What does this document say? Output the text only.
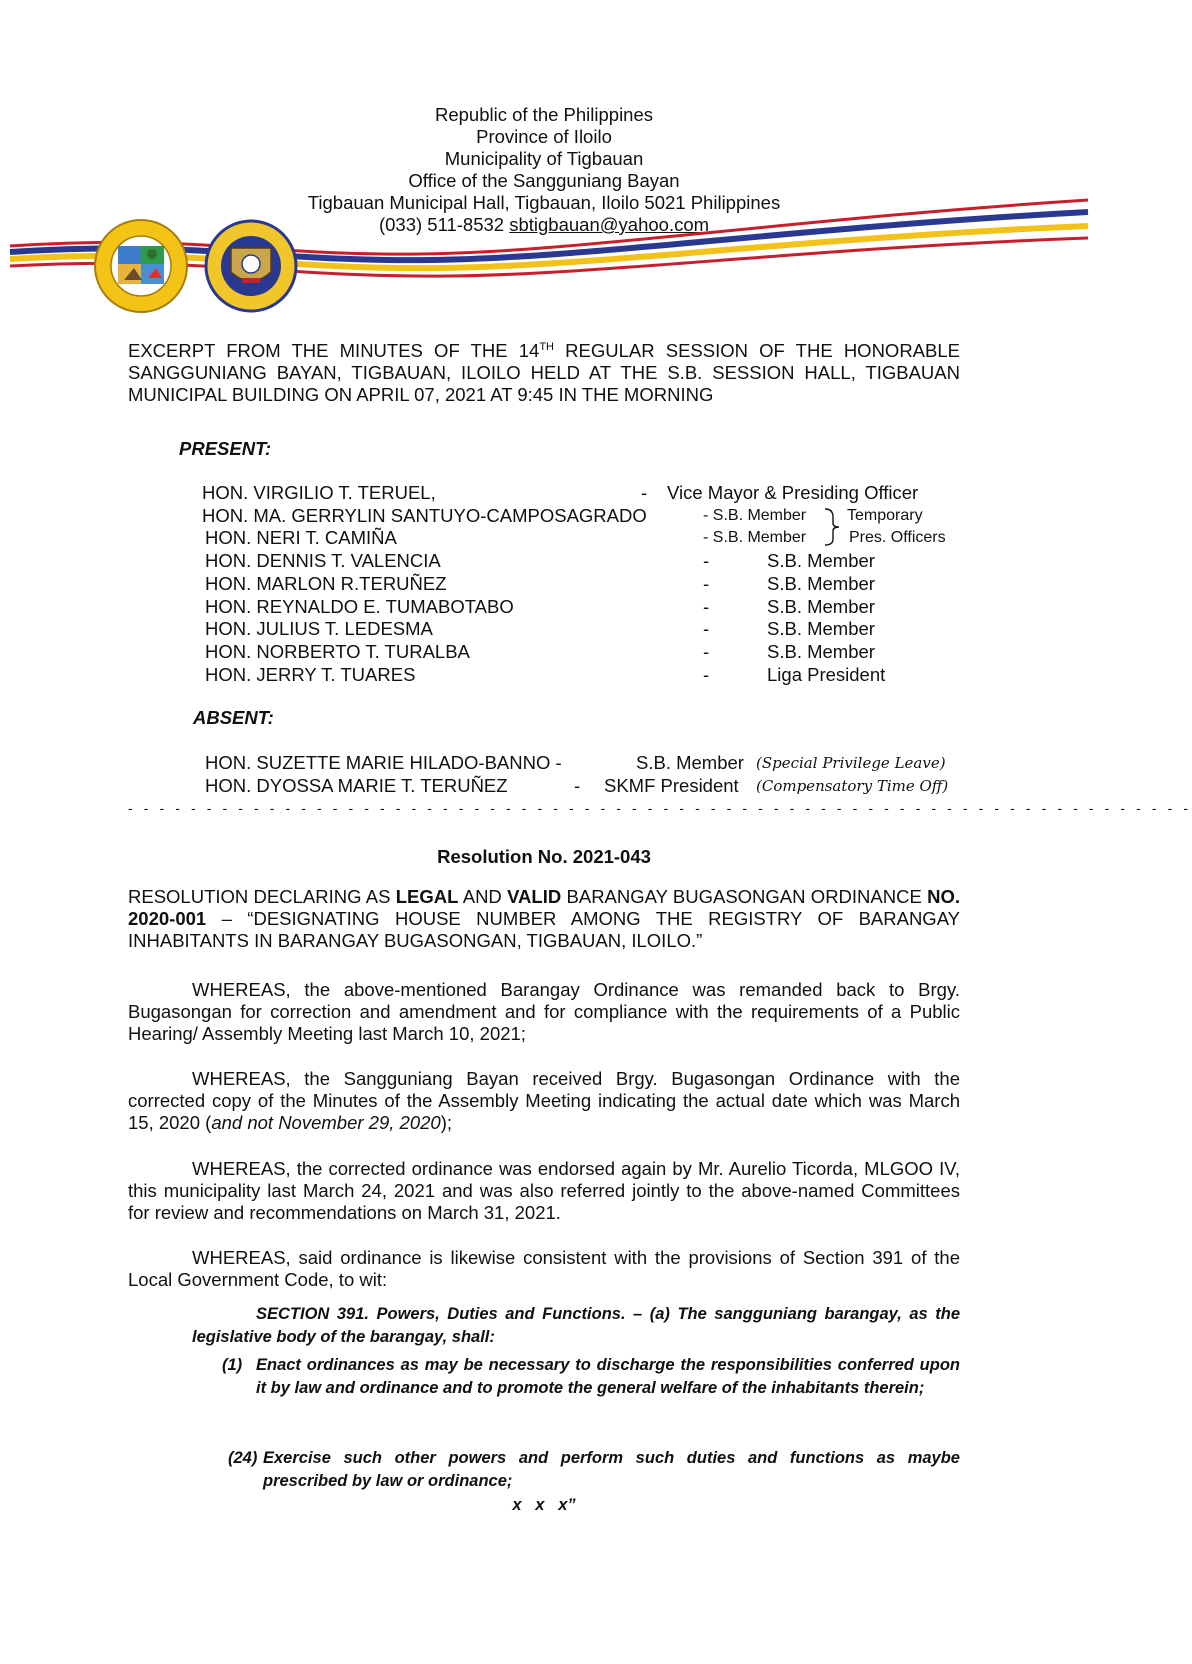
Republic of the Philippines
Province of Iloilo
Municipality of Tigbauan
Office of the Sangguniang Bayan
Tigbauan Municipal Hall, Tigbauan, Iloilo 5021 Philippines
(033) 511-8532 sbtigbauan@yahoo.com
EXCERPT FROM THE MINUTES OF THE 14TH REGULAR SESSION OF THE HONORABLE SANGGUNIANG BAYAN, TIGBAUAN, ILOILO HELD AT THE S.B. SESSION HALL, TIGBAUAN MUNICIPAL BUILDING ON APRIL 07, 2021 AT 9:45 IN THE MORNING
PRESENT:
HON. VIRGILIO T. TERUEL,	- Vice Mayor & Presiding Officer
HON. MA. GERRYLIN SANTUYO-CAMPOSAGRADO	- S.B. Member	Temporary
HON. NERI T. CAMIÑA	- S.B. Member	Pres. Officers
HON. DENNIS T. VALENCIA	-	S.B. Member
HON. MARLON R.TERUÑEZ	-	S.B. Member
HON. REYNALDO E. TUMABOTABO	-	S.B. Member
HON. JULIUS T. LEDESMA	-	S.B. Member
HON. NORBERTO T. TURALBA	-	S.B. Member
HON. JERRY T. TUARES	-	Liga President
ABSENT:
HON. SUZETTE MARIE HILADO-BANNO -	S.B. Member (Special Privilege Leave)
HON. DYOSSA MARIE T. TERUÑEZ	- SKMF President (Compensatory Time Off)
- - - - - - - - - - - - - - - - - - - - - - - - - - - - - - - - - - - - - - - - - - - - - - - - - - - - - - - - - - - - - - - - - - - -
Resolution No. 2021-043
RESOLUTION DECLARING AS LEGAL AND VALID BARANGAY BUGASONGAN ORDINANCE NO. 2020-001 – “DESIGNATING HOUSE NUMBER AMONG THE REGISTRY OF BARANGAY INHABITANTS IN BARANGAY BUGASONGAN, TIGBAUAN, ILOILO.”
WHEREAS, the above-mentioned Barangay Ordinance was remanded back to Brgy. Bugasongan for correction and amendment and for compliance with the requirements of a Public Hearing/ Assembly Meeting last March 10, 2021;
WHEREAS, the Sangguniang Bayan received Brgy. Bugasongan Ordinance with the corrected copy of the Minutes of the Assembly Meeting indicating the actual date which was March 15, 2020 (and not November 29, 2020);
WHEREAS, the corrected ordinance was endorsed again by Mr. Aurelio Ticorda, MLGOO IV, this municipality last March 24, 2021 and was also referred jointly to the above-named Committees for review and recommendations on March 31, 2021.
WHEREAS, said ordinance is likewise consistent with the provisions of Section 391 of the Local Government Code, to wit:
SECTION 391. Powers, Duties and Functions. – (a) The sangguniang barangay, as the legislative body of the barangay, shall:
(1) Enact ordinances as may be necessary to discharge the responsibilities conferred upon it by law and ordinance and to promote the general welfare of the inhabitants therein;
(24) Exercise such other powers and perform such duties and functions as maybe prescribed by law or ordinance;
x   x   x”
